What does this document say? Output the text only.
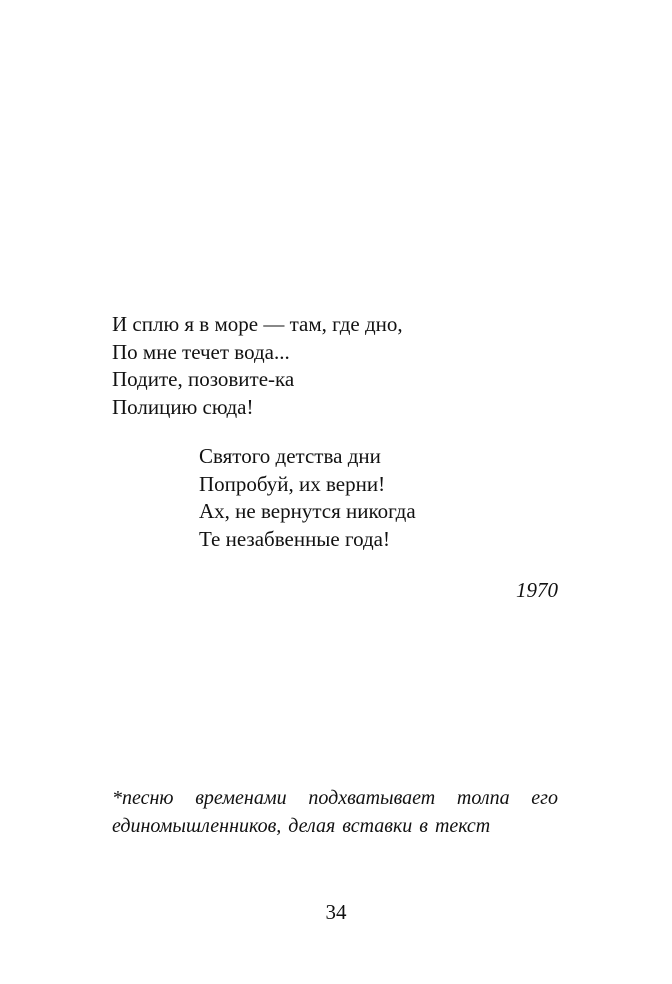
И сплю я в море — там, где дно,
По мне течет вода...
Подите, позовите-ка
Полицию сюда!
Святого детства дни
Попробуй, их верни!
Ах, не вернутся никогда
Те незабвенные года!
1970

*песню временами подхватывает толпа его единомышленников, делая вставки в текст

34
